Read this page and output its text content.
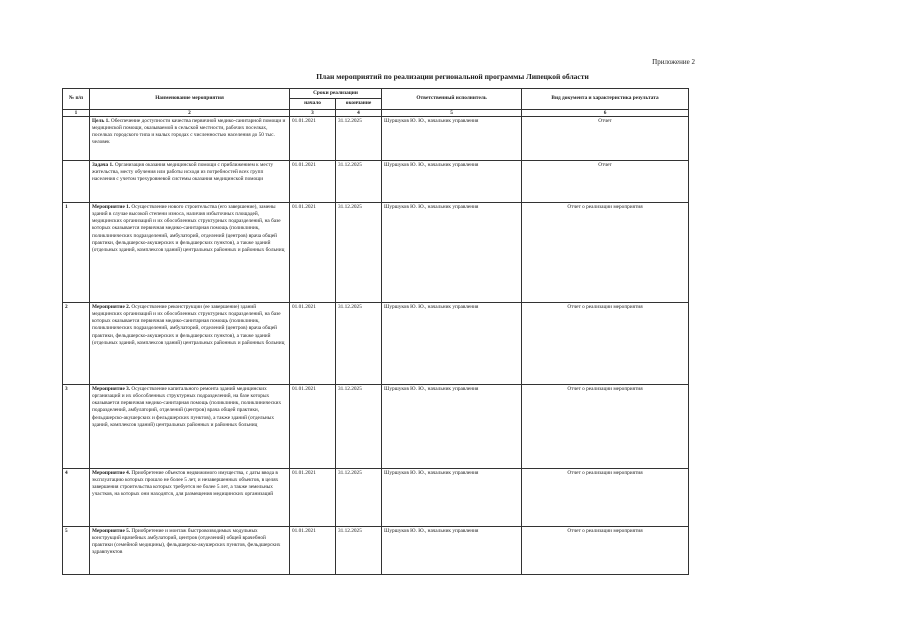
Приложение 2
План мероприятий по реализации региональной программы Липецкой области
№ п/п	Наименование мероприятия	Сроки реализации		Ответственный исполнитель	Вид документа и характеристика результата
		начало	окончание		
1	2	3	4	5	6
	Цель 1. Обеспечение доступности качества первичной медико-санитарной помощи и медицинской помощи, оказываемой в сельской местности, рабочих поселках, поселках городского типа и малых городах с численностью населения до 50 тыс. человек	01.01.2021	31.12.2025	Шуршуков Ю. Ю., начальник управления	Отчет
	Задача 1. Организация оказания медицинской помощи с приближением к месту жительства, месту обучения или работы исходя из потребностей всех групп населения с учетом трехуровневой системы оказания медицинской помощи	01.01.2021	31.12.2025	Шуршуков Ю. Ю., начальник управления	Отчет
1	Мероприятие 1. Осуществление нового строительства (его завершение), замены зданий в случае высокой степени износа, наличия избыточных площадей, медицинских организаций и их обособленных структурных подразделений, на базе которых оказывается первичная медико-санитарная помощь (поликлиник, поликлинических подразделений, амбулаторий, отделений (центров) врача общей практики, фельдшерско-акушерских и фельдшерских пунктов), а также зданий (отдельных зданий, комплексов зданий) центральных районных и районных больниц	01.01.2021	31.12.2025	Шуршуков Ю. Ю., начальник управления	Отчет о реализации мероприятия
2	Мероприятие 2. Осуществление реконструкции (ее завершение) зданий медицинских организаций и их обособленных структурных подразделений, на базе которых оказывается первичная медико-санитарная помощь (поликлиник, поликлинических подразделений, амбулаторий, отделений (центров) врача общей практики, фельдшерско-акушерских и фельдшерских пунктов), а также зданий (отдельных зданий, комплексов зданий) центральных районных и районных больниц	01.01.2021	31.12.2025	Шуршуков Ю. Ю., начальник управления	Отчет о реализации мероприятия
3	Мероприятие 3. Осуществление капитального ремонта зданий медицинских организаций и их обособленных структурных подразделений, на базе которых оказывается первичная медико-санитарная помощь (поликлиник, поликлинических подразделений, амбулаторий, отделений (центров) врача общей практики, фельдшерско-акушерских и фельдшерских пунктов), а также зданий (отдельных зданий, комплексов зданий) центральных районных и районных больниц	01.01.2021	31.12.2025	Шуршуков Ю. Ю., начальник управления	Отчет о реализации мероприятия
4	Мероприятие 4. Приобретение объектов недвижимого имущества, с даты ввода в эксплуатацию которых прошло не более 5 лет, и незавершенных объектов, в целях завершения строительства которых требуется не более 5 лет, а также земельных участков, на которых они находятся, для размещения медицинских организаций	01.01.2021	31.12.2025	Шуршуков Ю. Ю., начальник управления	Отчет о реализации мероприятия
5	Мероприятие 5. Приобретение и монтаж быстровозводимых модульных конструкций врачебных амбулаторий, центров (отделений) общей врачебной практики (семейной медицины), фельдшерско-акушерских пунктов, фельдшерских здравпунктов	01.01.2021	31.12.2025	Шуршуков Ю. Ю., начальник управления	Отчет о реализации мероприятия
